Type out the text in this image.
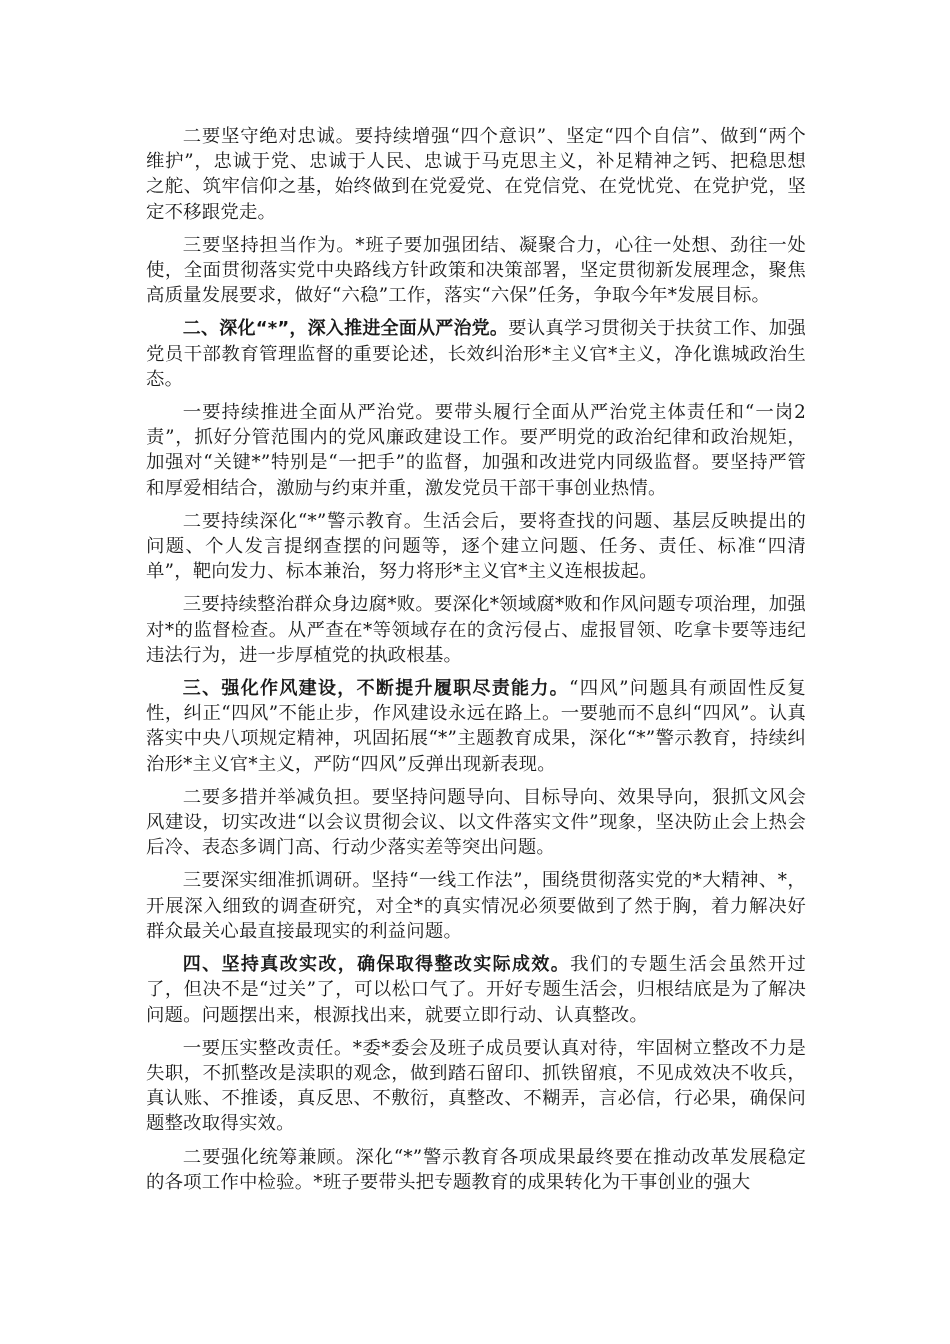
二要坚守绝对忠诚。要持续增强“四个意识”、坚定“四个自信”、做到“两个维护”，忠诚于党、忠诚于人民、忠诚于马克思主义，补足精神之钙、把稳思想之舵、筑牢信仰之基，始终做到在党爱党、在党信党、在党忧党、在党护党，坚定不移跟党走。

三要坚持担当作为。*班子要加强团结、凝聚合力，心往一处想、劲往一处使，全面贯彻落实党中央路线方针政策和决策部署，坚定贯彻新发展理念，聚焦高质量发展要求，做好“六稳”工作，落实“六保”任务，争取今年*发展目标。

二、深化“*”，深入推进全面从严治党。要认真学习贯彻关于扶贫工作、加强党员干部教育管理监督的重要论述，长效纠治形*主义官*主义，净化谯城政治生态。

一要持续推进全面从严治党。要带头履行全面从严治党主体责任和“一岗2责”，抓好分管范围内的党风廉政建设工作。要严明党的政治纪律和政治规矩，加强对“关键*”特别是“一把手”的监督，加强和改进党内同级监督。要坚持严管和厚爱相结合，激励与约束并重，激发党员干部干事创业热情。

二要持续深化“*”警示教育。生活会后，要将查找的问题、基层反映提出的问题、个人发言提纲查摆的问题等，逐个建立问题、任务、责任、标准“四清单”，靶向发力、标本兼治，努力将形*主义官*主义连根拔起。

三要持续整治群众身边腐*败。要深化*领域腐*败和作风问题专项治理，加强对*的监督检查。从严查在*等领域存在的贪污侵占、虚报冒领、吃拿卡要等违纪违法行为，进一步厚植党的执政根基。

三、强化作风建设，不断提升履职尽责能力。“四风”问题具有顽固性反复性，纠正“四风”不能止步，作风建设永远在路上。一要驰而不息纠“四风”。认真落实中央八项规定精神，巩固拓展“*”主题教育成果，深化“*”警示教育，持续纠治形*主义官*主义，严防“四风”反弹出现新表现。

二要多措并举减负担。要坚持问题导向、目标导向、效果导向，狠抓文风会风建设，切实改进“以会议贯彻会议、以文件落实文件”现象，坚决防止会上热会后冷、表态多调门高、行动少落实差等突出问题。

三要深实细准抓调研。坚持“一线工作法”，围绕贯彻落实党的*大精神、*，开展深入细致的调查研究，对全*的真实情况必须要做到了然于胸，着力解决好群众最关心最直接最现实的利益问题。

四、坚持真改实改，确保取得整改实际成效。我们的专题生活会虽然开过了，但决不是“过关”了，可以松口气了。开好专题生活会，归根结底是为了解决问题。问题摆出来，根源找出来，就要立即行动、认真整改。

一要压实整改责任。*委*委会及班子成员要认真对待，牢固树立整改不力是失职，不抓整改是渎职的观念，做到踏石留印、抓铁留痕，不见成效决不收兵，真认账、不推诿，真反思、不敷衍，真整改、不糊弄，言必信，行必果，确保问题整改取得实效。

二要强化统筹兼顾。深化“*”警示教育各项成果最终要在推动改革发展稳定的各项工作中检验。*班子要带头把专题教育的成果转化为干事创业的强大
